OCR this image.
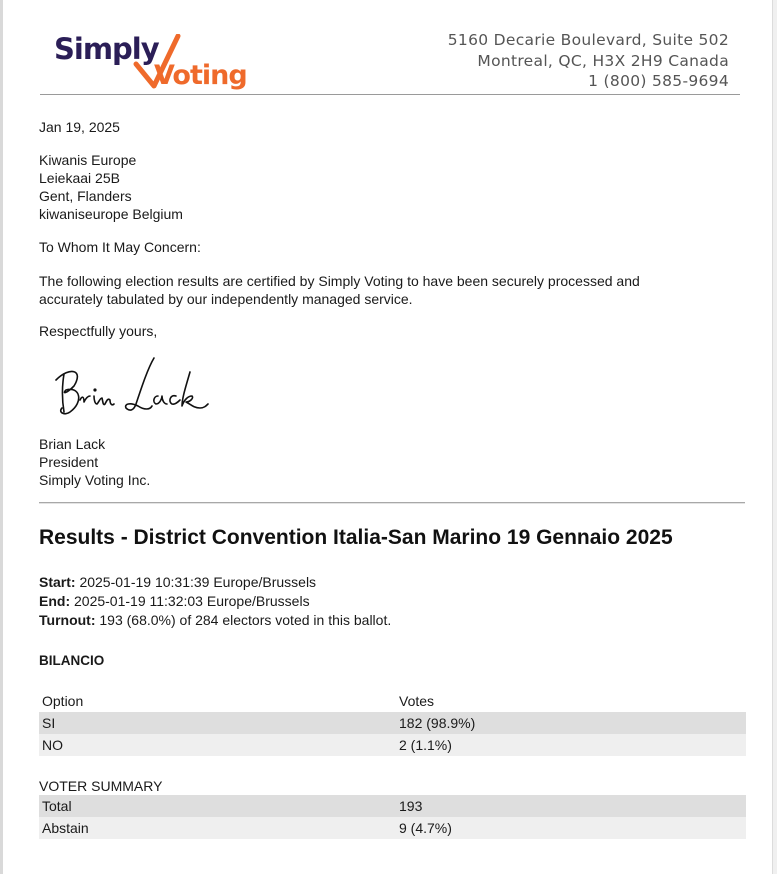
Simply
Voting
5160 Decarie Boulevard, Suite 502
Montreal, QC, H3X 2H9 Canada
1 (800) 585-9694
Jan 19, 2025
Kiwanis Europe
Leiekaai 25B
Gent, Flanders
kiwaniseurope Belgium
To Whom It May Concern:
The following election results are certified by Simply Voting to have been securely processed and
accurately tabulated by our independently managed service.
Respectfully yours,
Brian Lack
President
Simply Voting Inc.
Results - District Convention Italia-San Marino 19 Gennaio 2025
Start: 2025-01-19 10:31:39 Europe/Brussels
End: 2025-01-19 11:32:03 Europe/Brussels
Turnout: 193 (68.0%) of 284 electors voted in this ballot.
BILANCIO
Option	Votes
SI	182 (98.9%)
NO	2 (1.1%)
VOTER SUMMARY
Total	193
Abstain	9 (4.7%)
